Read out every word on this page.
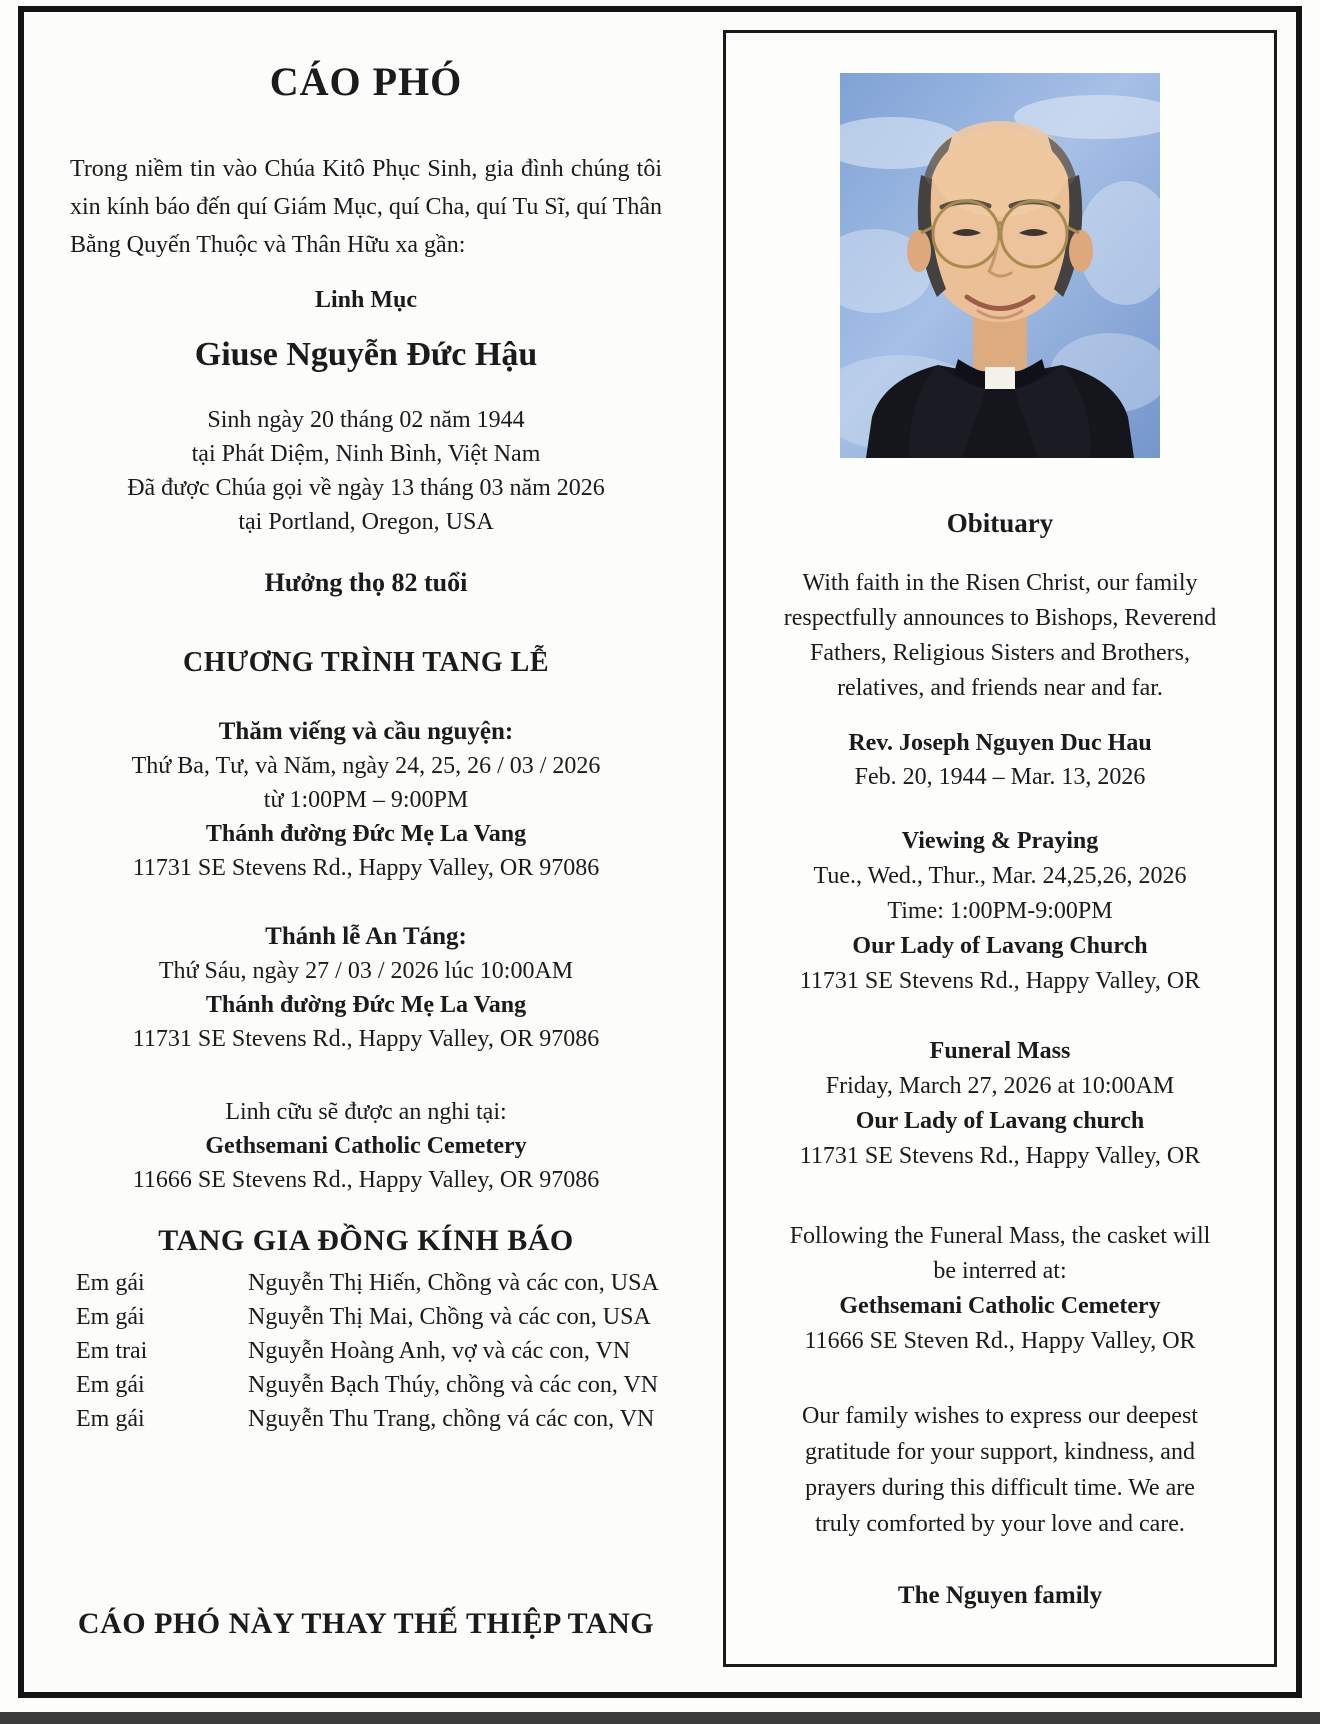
CÁO PHÓ

Trong niềm tin vào Chúa Kitô Phục Sinh, gia đình chúng tôi xin kính báo đến quí Giám Mục, quí Cha, quí Tu Sĩ, quí Thân Bằng Quyến Thuộc và Thân Hữu xa gần:

Linh Mục
Giuse Nguyễn Đức Hậu
Sinh ngày 20 tháng 02 năm 1944
tại Phát Diệm, Ninh Bình, Việt Nam
Đã được Chúa gọi về ngày 13 tháng 03 năm 2026
tại Portland, Oregon, USA
Hưởng thọ 82 tuổi
CHƯƠNG TRÌNH TANG LỄ
Thăm viếng và cầu nguyện:
Thứ Ba, Tư, và Năm, ngày 24, 25, 26 / 03 / 2026
từ 1:00PM – 9:00PM
Thánh đường Đức Mẹ La Vang
11731 SE Stevens Rd., Happy Valley, OR 97086
Thánh lễ An Táng:
Thứ Sáu, ngày 27 / 03 / 2026 lúc 10:00AM
Thánh đường Đức Mẹ La Vang
11731 SE Stevens Rd., Happy Valley, OR 97086
Linh cữu sẽ được an nghi tại:
Gethsemani Catholic Cemetery
11666 SE Stevens Rd., Happy Valley, OR 97086
TANG GIA ĐỒNG KÍNH BÁO
Em gái	Nguyễn Thị Hiến, Chồng và các con, USA
Em gái	Nguyễn Thị Mai, Chồng và các con, USA
Em trai	Nguyễn Hoàng Anh, vợ và các con, VN
Em gái	Nguyễn Bạch Thúy, chồng và các con, VN
Em gái	Nguyễn Thu Trang, chồng vá các con, VN
CÁO PHÓ NÀY THAY THẾ THIỆP TANG
Obituary
With faith in the Risen Christ, our family
respectfully announces to Bishops, Reverend
Fathers, Religious Sisters and Brothers,
relatives, and friends near and far.
Rev. Joseph Nguyen Duc Hau
Feb. 20, 1944 – Mar. 13, 2026
Viewing & Praying
Tue., Wed., Thur., Mar. 24,25,26, 2026
Time: 1:00PM-9:00PM
Our Lady of Lavang Church
11731 SE Stevens Rd., Happy Valley, OR
Funeral Mass
Friday, March 27, 2026 at 10:00AM
Our Lady of Lavang church
11731 SE Stevens Rd., Happy Valley, OR
Following the Funeral Mass, the casket will
be interred at:
Gethsemani Catholic Cemetery
11666 SE Steven Rd., Happy Valley, OR
Our family wishes to express our deepest
gratitude for your support, kindness, and
prayers during this difficult time. We are
truly comforted by your love and care.
The Nguyen family
